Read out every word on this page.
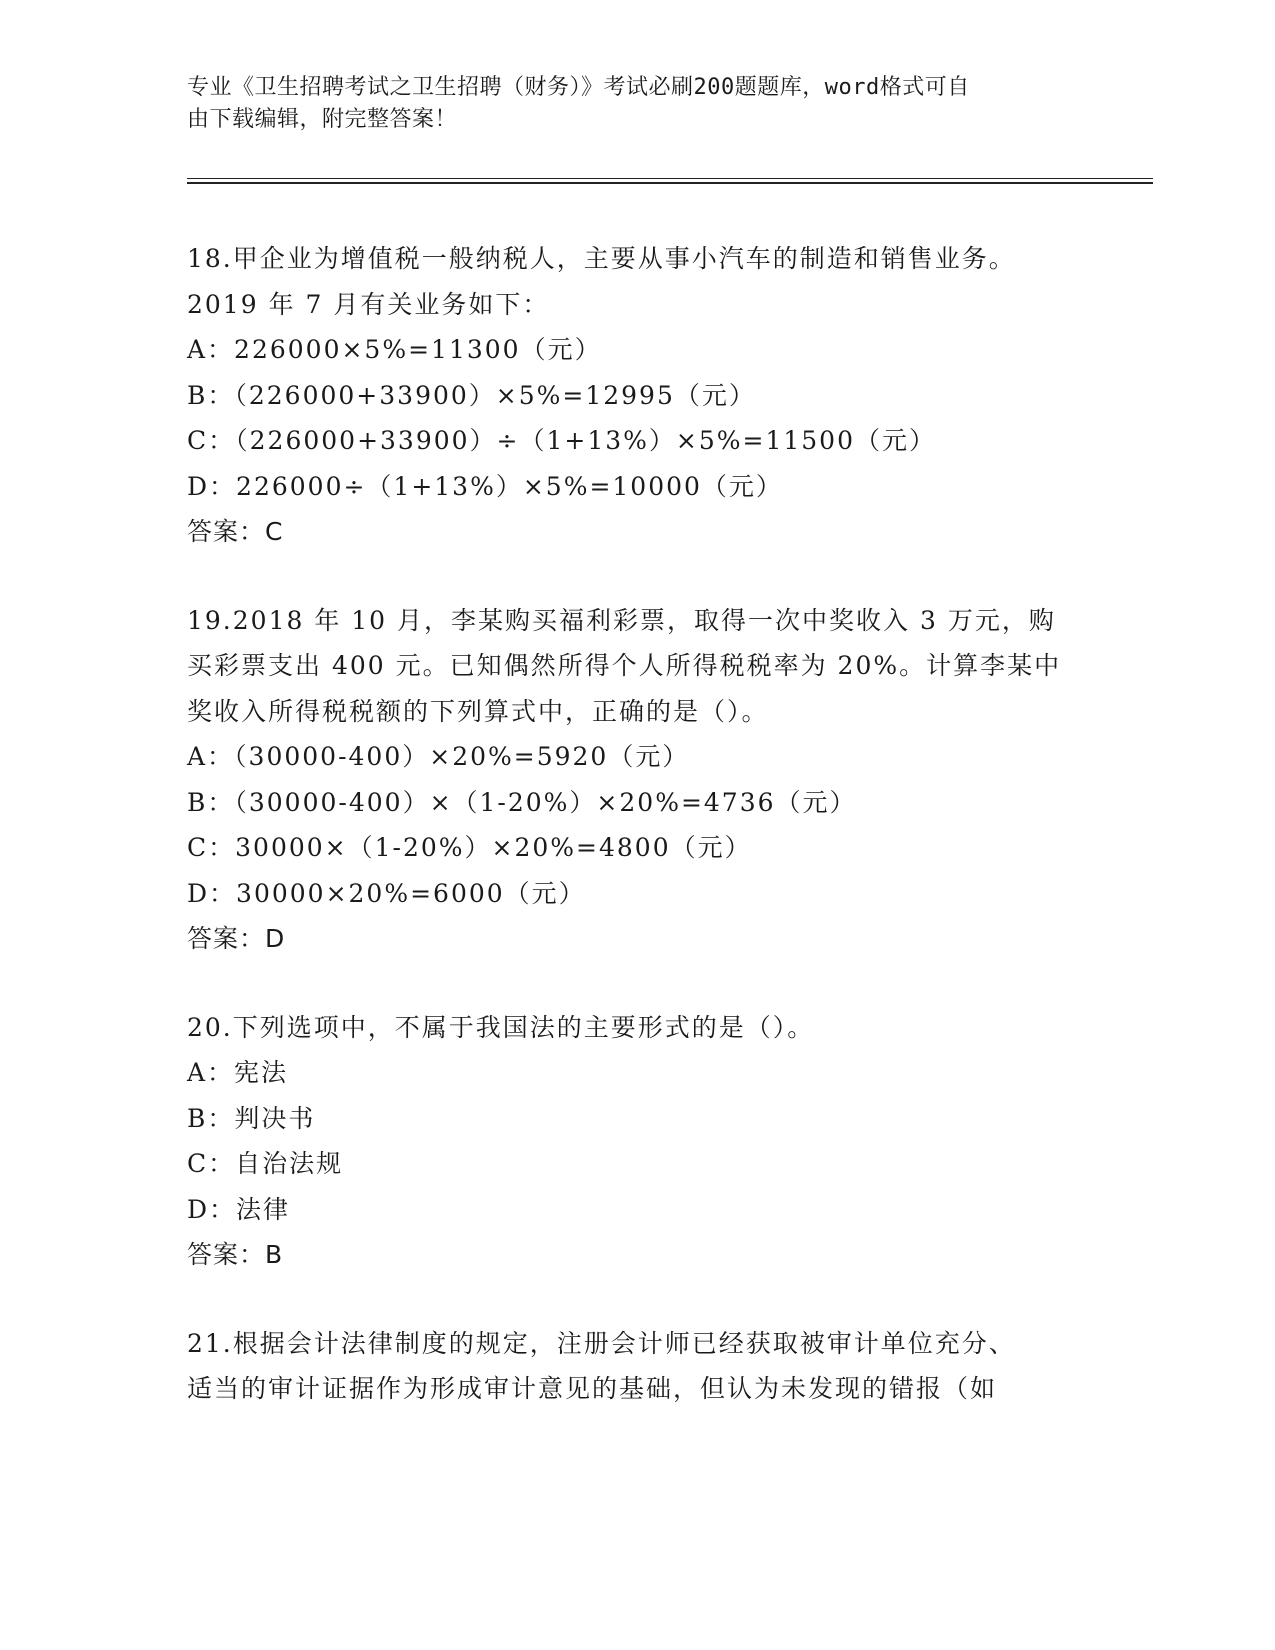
专业《卫生招聘考试之卫生招聘（财务）》考试必刷200题题库，word格式可自
由下载编辑，附完整答案！
18.甲企业为增值税一般纳税人，主要从事小汽车的制造和销售业务。
2019 年 7 月有关业务如下：
A：226000×5%=11300（元）
B：（226000+33900）×5%=12995（元）
C：（226000+33900）÷（1+13%）×5%=11500（元）
D：226000÷（1+13%）×5%=10000（元）
答案：C
19.2018 年 10 月，李某购买福利彩票，取得一次中奖收入 3 万元，购
买彩票支出 400 元。已知偶然所得个人所得税税率为 20%。计算李某中
奖收入所得税税额的下列算式中，正确的是（）。
A：（30000-400）×20%=5920（元）
B：（30000-400）×（1-20%）×20%=4736（元）
C：30000×（1-20%）×20%=4800（元）
D：30000×20%=6000（元）
答案：D
20.下列选项中，不属于我国法的主要形式的是（）。
A：宪法
B：判决书
C：自治法规
D：法律
答案：B
21.根据会计法律制度的规定，注册会计师已经获取被审计单位充分、
适当的审计证据作为形成审计意见的基础，但认为未发现的错报（如
